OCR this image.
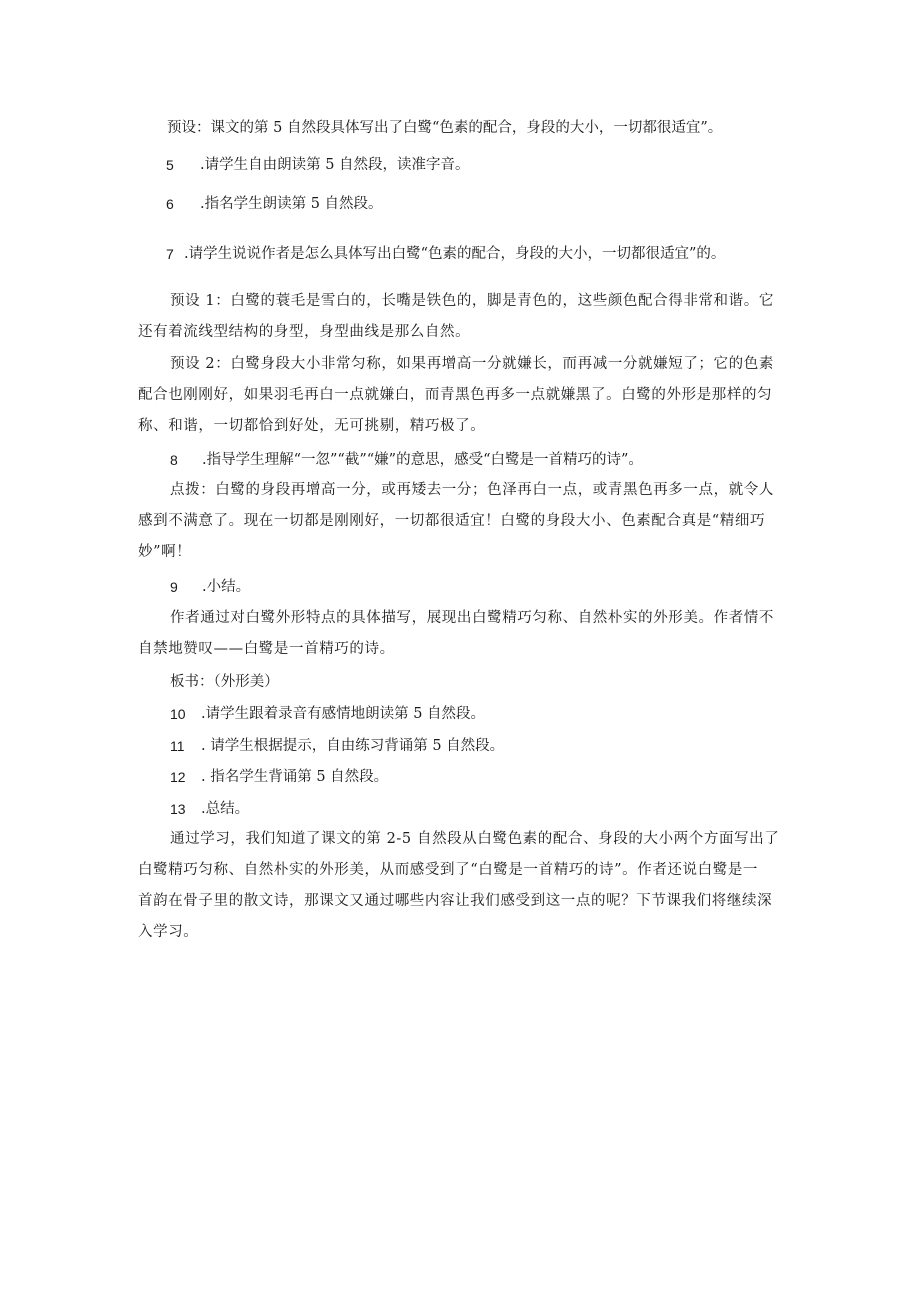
预设：课文的第 5 自然段具体写出了白鹭“色素的配合，身段的大小，一切都很适宜”。
5 .请学生自由朗读第 5 自然段，读准字音。
6 .指名学生朗读第 5 自然段。
7 .请学生说说作者是怎么具体写出白鹭“色素的配合，身段的大小，一切都很适宜”的。
预设 1：白鹭的蓑毛是雪白的，长嘴是铁色的，脚是青色的，这些颜色配合得非常和谐。它
还有着流线型结构的身型，身型曲线是那么自然。
预设 2：白鹭身段大小非常匀称，如果再增高一分就嫌长，而再减一分就嫌短了；它的色素
配合也刚刚好，如果羽毛再白一点就嫌白，而青黑色再多一点就嫌黑了。白鹭的外形是那样的匀
称、和谐，一切都恰到好处，无可挑剔，精巧极了。
8 .指导学生理解“一忽”“截”“嫌”的意思，感受“白鹭是一首精巧的诗”。
点拨：白鹭的身段再增高一分，或再矮去一分；色泽再白一点，或青黑色再多一点，就令人
感到不满意了。现在一切都是刚刚好，一切都很适宜！白鹭的身段大小、色素配合真是“精细巧
妙”啊！
9 .小结。
作者通过对白鹭外形特点的具体描写，展现出白鹭精巧匀称、自然朴实的外形美。作者情不
自禁地赞叹——白鹭是一首精巧的诗。
板书：（外形美）
10 .请学生跟着录音有感情地朗读第 5 自然段。
11 . 请学生根据提示，自由练习背诵第 5 自然段。
12 . 指名学生背诵第 5 自然段。
13 .总结。
通过学习，我们知道了课文的第 2-5 自然段从白鹭色素的配合、身段的大小两个方面写出了
白鹭精巧匀称、自然朴实的外形美，从而感受到了“白鹭是一首精巧的诗”。作者还说白鹭是一
首韵在骨子里的散文诗，那课文又通过哪些内容让我们感受到这一点的呢？下节课我们将继续深
入学习。
